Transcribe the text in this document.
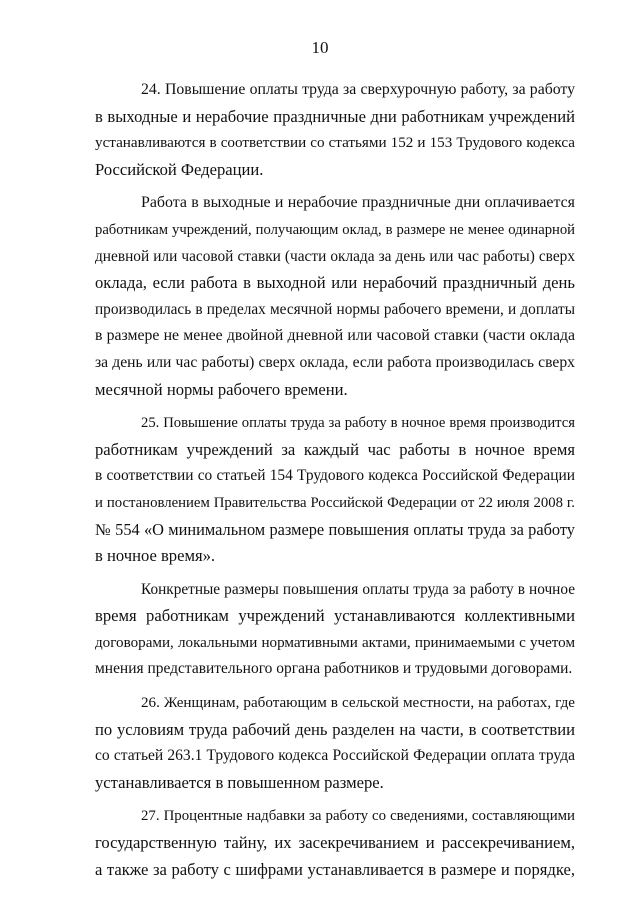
10
24. Повышение оплаты труда за сверхурочную работу, за работу
в выходные и нерабочие праздничные дни работникам учреждений
устанавливаются в соответствии со статьями 152 и 153 Трудового кодекса
Российской Федерации.
Работа в выходные и нерабочие праздничные дни оплачивается
работникам учреждений, получающим оклад, в размере не менее одинарной
дневной или часовой ставки (части оклада за день или час работы) сверх
оклада, если работа в выходной или нерабочий праздничный день
производилась в пределах месячной нормы рабочего времени, и доплаты
в размере не менее двойной дневной или часовой ставки (части оклада
за день или час работы) сверх оклада, если работа производилась сверх
месячной нормы рабочего времени.
25. Повышение оплаты труда за работу в ночное время производится
работникам учреждений за каждый час работы в ночное время
в соответствии со статьей 154 Трудового кодекса Российской Федерации
и постановлением Правительства Российской Федерации от 22 июля 2008 г.
№ 554 «О минимальном размере повышения оплаты труда за работу
в ночное время».
Конкретные размеры повышения оплаты труда за работу в ночное
время работникам учреждений устанавливаются коллективными
договорами, локальными нормативными актами, принимаемыми с учетом
мнения представительного органа работников и трудовыми договорами.
26. Женщинам, работающим в сельской местности, на работах, где
по условиям труда рабочий день разделен на части, в соответствии
со статьей 263.1 Трудового кодекса Российской Федерации оплата труда
устанавливается в повышенном размере.
27. Процентные надбавки за работу со сведениями, составляющими
государственную тайну, их засекречиванием и рассекречиванием,
а также за работу с шифрами устанавливается в размере и порядке,
